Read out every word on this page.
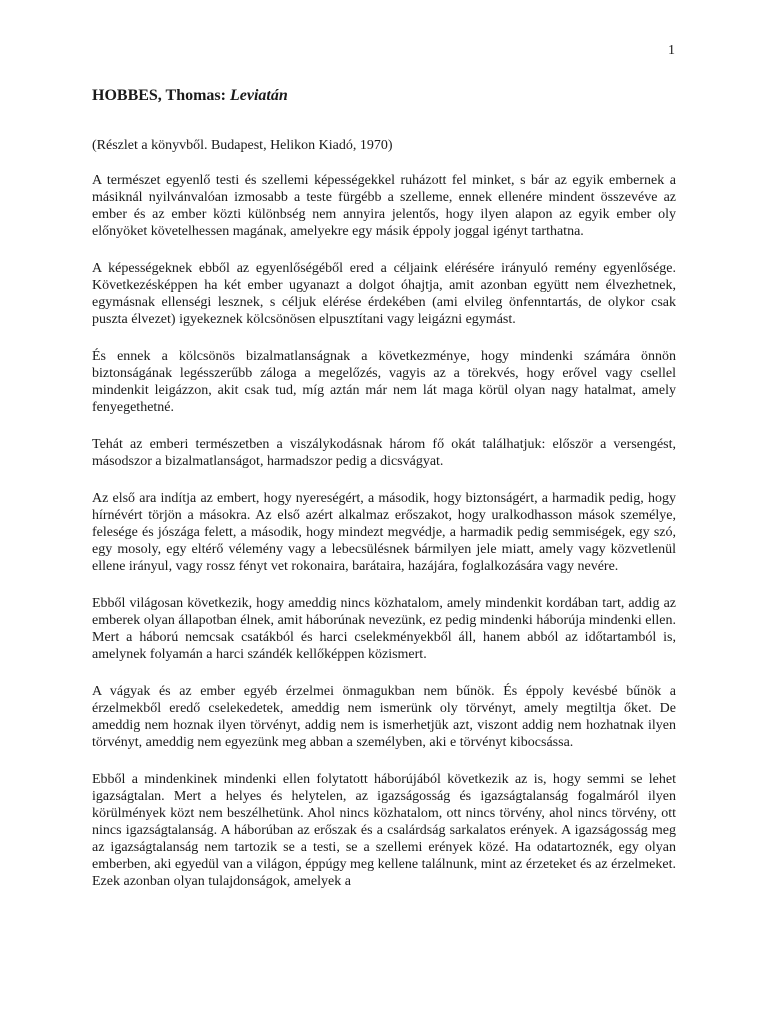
1
HOBBES, Thomas: Leviatán

(Részlet a könyvből. Budapest, Helikon Kiadó, 1970)

A természet egyenlő testi és szellemi képességekkel ruházott fel minket, s bár az egyik embernek a másiknál nyilvánvalóan izmosabb a teste fürgébb a szelleme, ennek ellenére mindent összevéve az ember és az ember közti különbség nem annyira jelentős, hogy ilyen alapon az egyik ember oly előnyöket követelhessen magának, amelyekre egy másik éppoly joggal igényt tarthatna.

A képességeknek ebből az egyenlőségéből ered a céljaink elérésére irányuló remény egyenlősége. Következésképpen ha két ember ugyanazt a dolgot óhajtja, amit azonban együtt nem élvezhetnek, egymásnak ellenségi lesznek, s céljuk elérése érdekében (ami elvileg önfenntartás, de olykor csak puszta élvezet) igyekeznek kölcsönösen elpusztítani vagy leigázni egymást.

És ennek a kölcsönös bizalmatlanságnak a következménye, hogy mindenki számára önnön biztonságának legésszerűbb záloga a megelőzés, vagyis az a törekvés, hogy erővel vagy csellel mindenkit leigázzon, akit csak tud, míg aztán már nem lát maga körül olyan nagy hatalmat, amely fenyegethetné.

Tehát az emberi természetben a viszálykodásnak három fő okát találhatjuk: először a versengést, másodszor a bizalmatlanságot, harmadszor pedig a dicsvágyat.

Az első ara indítja az embert, hogy nyereségért, a második, hogy biztonságért, a harmadik pedig, hogy hírnévért törjön a másokra. Az első azért alkalmaz erőszakot, hogy uralkodhasson mások személye, felesége és jószága felett, a második, hogy mindezt megvédje, a harmadik pedig semmiségek, egy szó, egy mosoly, egy eltérő vélemény vagy a lebecsülésnek bármilyen jele miatt, amely vagy közvetlenül ellene irányul, vagy rossz fényt vet rokonaira, barátaira, hazájára, foglalkozására vagy nevére.

Ebből világosan következik, hogy ameddig nincs közhatalom, amely mindenkit kordában tart, addig az emberek olyan állapotban élnek, amit háborúnak nevezünk, ez pedig mindenki háborúja mindenki ellen. Mert a háború nemcsak csatákból és harci cselekményekből áll, hanem abból az időtartamból is, amelynek folyamán a harci szándék kellőképpen közismert.

A vágyak és az ember egyéb érzelmei önmagukban nem bűnök. És éppoly kevésbé bűnök a érzelmekből eredő cselekedetek, ameddig nem ismerünk oly törvényt, amely megtiltja őket. De ameddig nem hoznak ilyen törvényt, addig nem is ismerhetjük azt, viszont addig nem hozhatnak ilyen törvényt, ameddig nem egyezünk meg abban a személyben, aki e törvényt kibocsássa.

Ebből a mindenkinek mindenki ellen folytatott háborújából következik az is, hogy semmi se lehet igazságtalan. Mert a helyes és helytelen, az igazságosság és igazságtalanság fogalmáról ilyen körülmények közt nem beszélhetünk. Ahol nincs közhatalom, ott nincs törvény, ahol nincs törvény, ott nincs igazságtalanság. A háborúban az erőszak és a csalárdság sarkalatos erények. A igazságosság meg az igazságtalanság nem tartozik se a testi, se a szellemi erények közé. Ha odatartoznék, egy olyan emberben, aki egyedül van a világon, éppúgy meg kellene találnunk, mint az érzeteket és az érzelmeket. Ezek azonban olyan tulajdonságok, amelyek a
